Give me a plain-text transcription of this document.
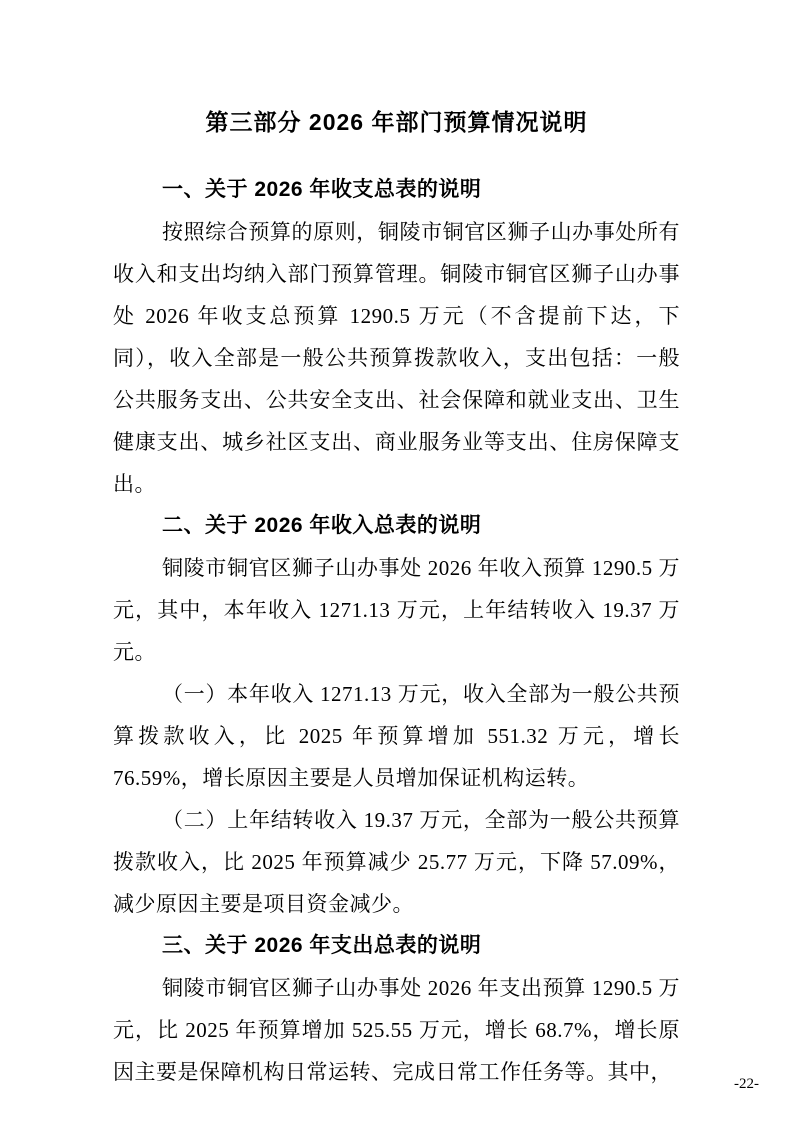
第三部分 2026 年部门预算情况说明
一、关于 2026 年收支总表的说明

按照综合预算的原则，铜陵市铜官区狮子山办事处所有收入和支出均纳入部门预算管理。铜陵市铜官区狮子山办事处 2026 年收支总预算 1290.5 万元（不含提前下达，下同），收入全部是一般公共预算拨款收入，支出包括：一般公共服务支出、公共安全支出、社会保障和就业支出、卫生健康支出、城乡社区支出、商业服务业等支出、住房保障支出。

二、关于 2026 年收入总表的说明

铜陵市铜官区狮子山办事处 2026 年收入预算 1290.5 万元，其中，本年收入 1271.13 万元，上年结转收入 19.37 万元。

（一）本年收入 1271.13 万元，收入全部为一般公共预算拨款收入，比 2025 年预算增加 551.32 万元，增长 76.59%，增长原因主要是人员增加保证机构运转。

（二）上年结转收入 19.37 万元，全部为一般公共预算拨款收入，比 2025 年预算减少 25.77 万元，下降 57.09%，减少原因主要是项目资金减少。

三、关于 2026 年支出总表的说明

铜陵市铜官区狮子山办事处 2026 年支出预算 1290.5 万元，比 2025 年预算增加 525.55 万元，增长 68.7%，增长原因主要是保障机构日常运转、完成日常工作任务等。其中，	-22-
